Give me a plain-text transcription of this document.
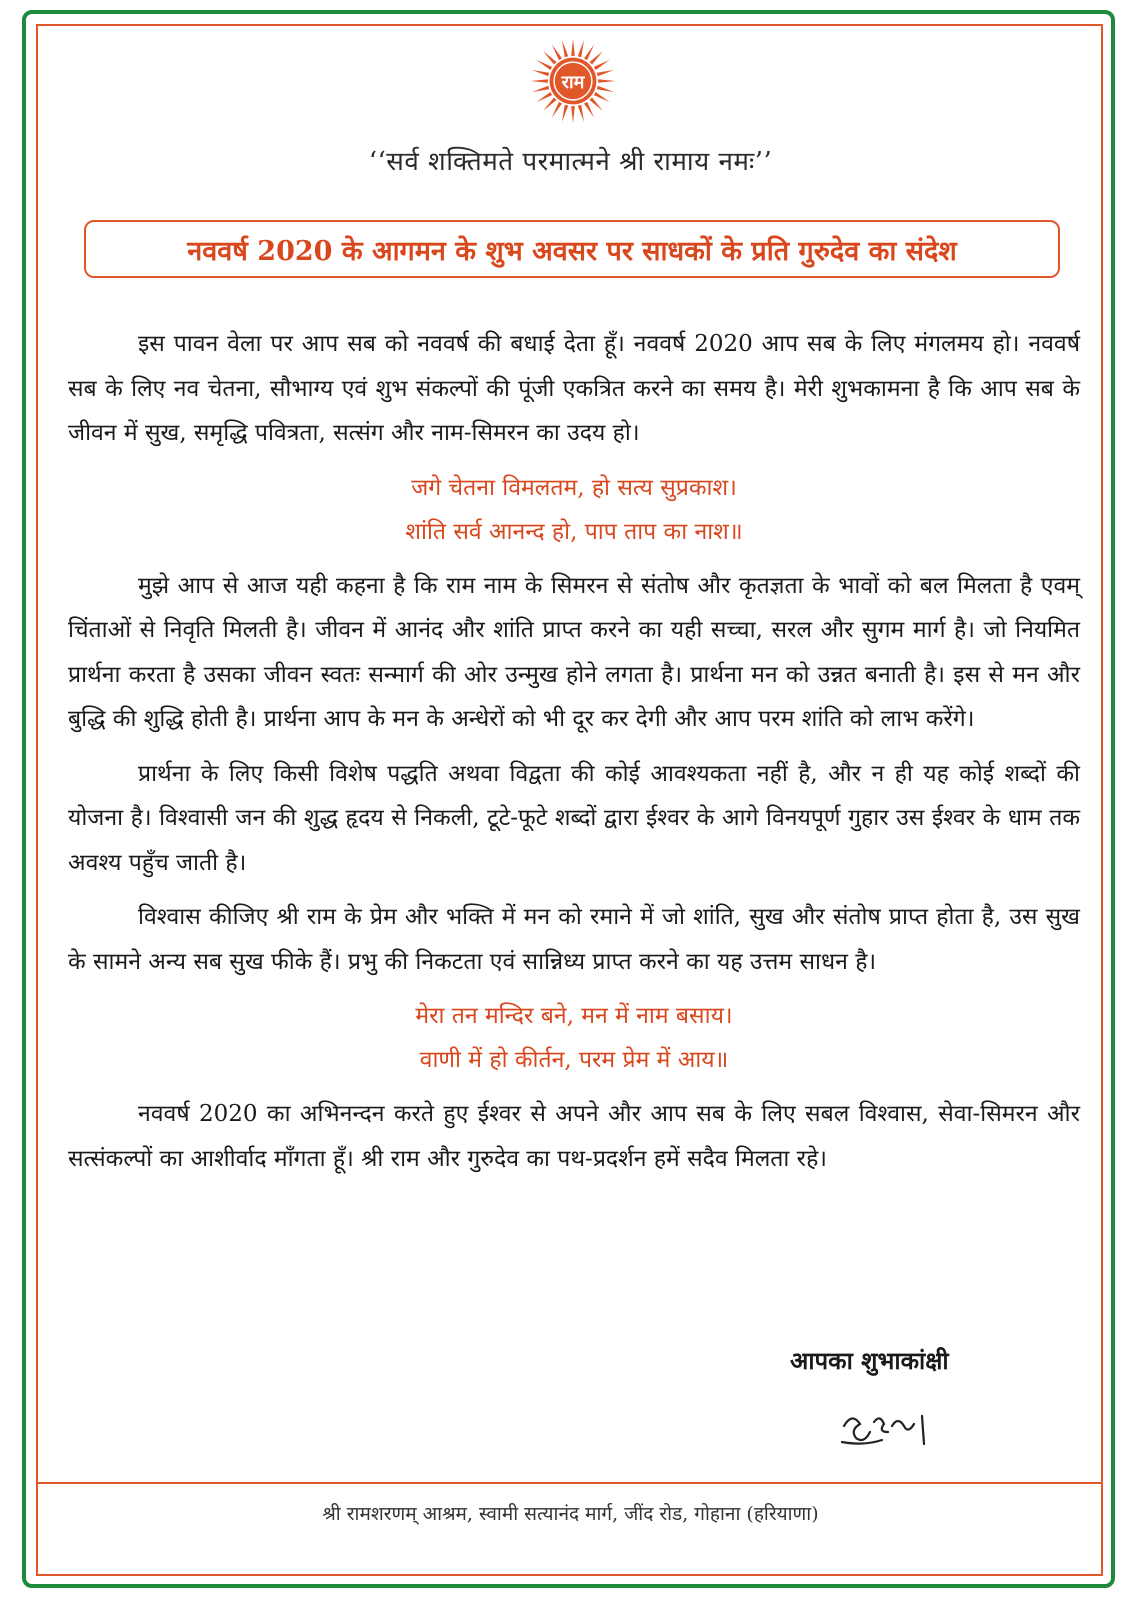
राम
‘‘सर्व शक्तिमते परमात्मने श्री रामाय नमः’’
नववर्ष 2020 के आगमन के शुभ अवसर पर साधकों के प्रति गुरुदेव का संदेश

इस पावन वेला पर आप सब को नववर्ष की बधाई देता हूँ। नववर्ष 2020 आप सब के लिए मंगलमय हो। नववर्ष सब के लिए नव चेतना, सौभाग्य एवं शुभ संकल्पों की पूंजी एकत्रित करने का समय है। मेरी शुभकामना है कि आप सब के जीवन में सुख, समृद्धि पवित्रता, सत्संग और नाम-सिमरन का उदय हो।

जगे चेतना विमलतम, हो सत्य सुप्रकाश।
शांति सर्व आनन्द हो, पाप ताप का नाश॥

मुझे आप से आज यही कहना है कि राम नाम के सिमरन से संतोष और कृतज्ञता के भावों को बल मिलता है एवम् चिंताओं से निवृति मिलती है। जीवन में आनंद और शांति प्राप्त करने का यही सच्चा, सरल और सुगम मार्ग है। जो नियमित प्रार्थना करता है उसका जीवन स्वतः सन्मार्ग की ओर उन्मुख होने लगता है। प्रार्थना मन को उन्नत बनाती है। इस से मन और बुद्धि की शुद्धि होती है। प्रार्थना आप के मन के अन्धेरों को भी दूर कर देगी और आप परम शांति को लाभ करेंगे।

प्रार्थना के लिए किसी विशेष पद्धति अथवा विद्वता की कोई आवश्यकता नहीं है, और न ही यह कोई शब्दों की योजना है। विश्वासी जन की शुद्ध हृदय से निकली, टूटे-फूटे शब्दों द्वारा ईश्वर के आगे विनयपूर्ण गुहार उस ईश्वर के धाम तक अवश्य पहुँच जाती है।

विश्वास कीजिए श्री राम के प्रेम और भक्ति में मन को रमाने में जो शांति, सुख और संतोष प्राप्त होता है, उस सुख के सामने अन्य सब सुख फीके हैं। प्रभु की निकटता एवं सान्निध्य प्राप्त करने का यह उत्तम साधन है।

मेरा तन मन्दिर बने, मन में नाम बसाय।
वाणी में हो कीर्तन, परम प्रेम में आय॥

नववर्ष 2020 का अभिनन्दन करते हुए ईश्वर से अपने और आप सब के लिए सबल विश्वास, सेवा-सिमरन और सत्संकल्पों का आशीर्वाद माँगता हूँ। श्री राम और गुरुदेव का पथ-प्रदर्शन हमें सदैव मिलता रहे।

आपका शुभाकांक्षी
श्री रामशरणम् आश्रम, स्वामी सत्यानंद मार्ग, जींद रोड, गोहाना (हरियाणा)
